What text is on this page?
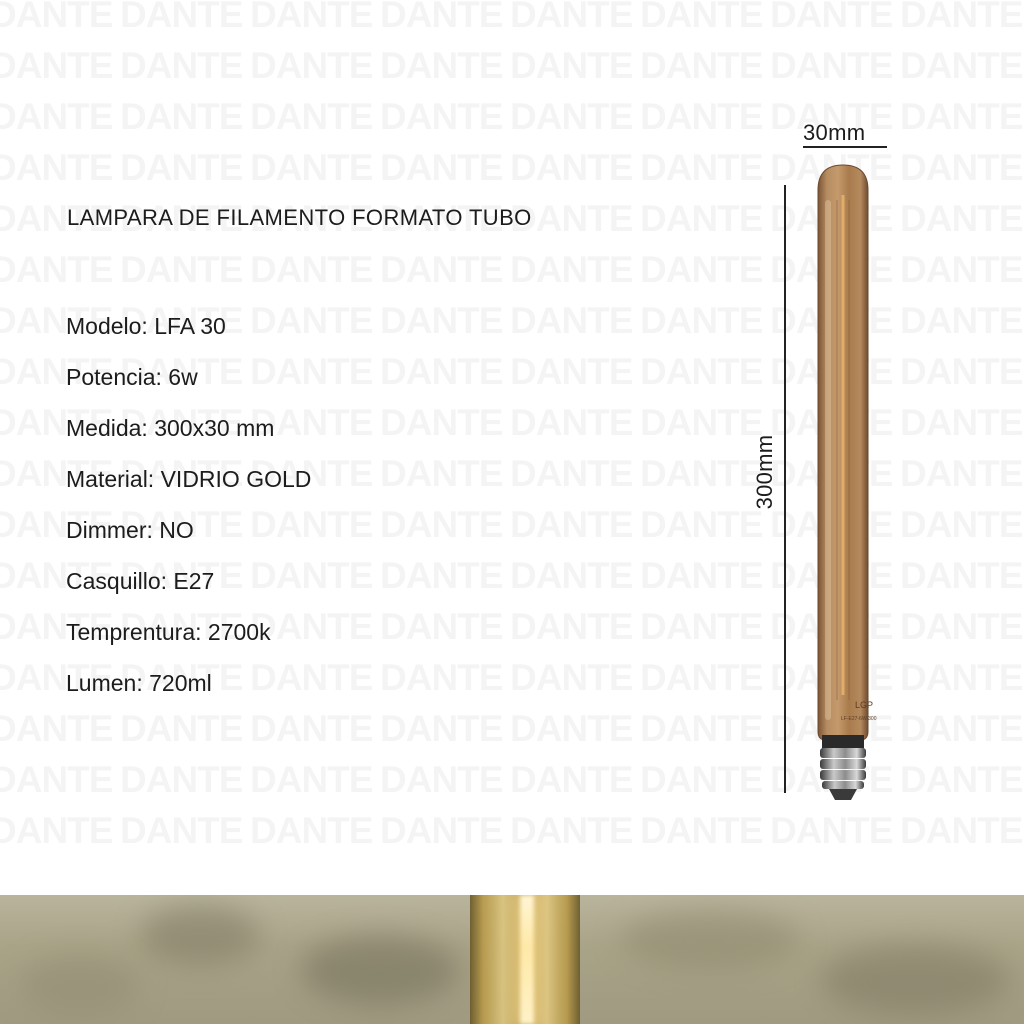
LAMPARA DE FILAMENTO FORMATO TUBO
Modelo: LFA 30
Potencia: 6w
Medida: 300x30 mm
Material: VIDRIO GOLD
Dimmer: NO
Casquillo: E27
Temprentura: 2700k
Lumen: 720ml
30mm
300mm
LGP
LF-E27-6W-300
